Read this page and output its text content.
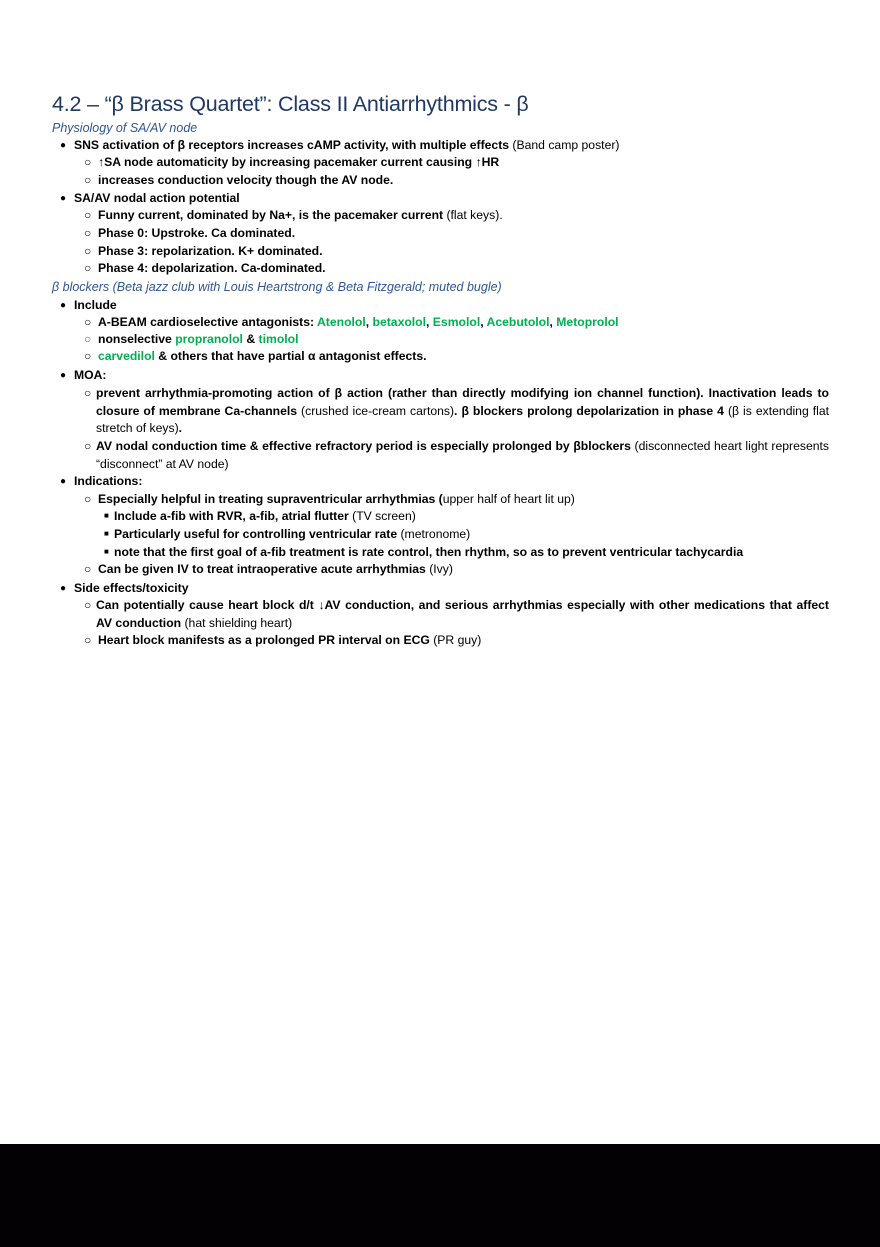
4.2 – “β Brass Quartet”: Class II Antiarrhythmics - β
Physiology of SA/AV node
● SNS activation of β receptors increases cAMP activity, with multiple effects (Band camp poster)
○ ↑SA node automaticity by increasing pacemaker current causing ↑HR
○ increases conduction velocity though the AV node.
● SA/AV nodal action potential
○ Funny current, dominated by Na+, is the pacemaker current (flat keys).
○ Phase 0: Upstroke. Ca dominated.
○ Phase 3: repolarization. K+ dominated.
○ Phase 4: depolarization. Ca-dominated.
β blockers (Beta jazz club with Louis Heartstrong & Beta Fitzgerald; muted bugle)
● Include
○ A-BEAM cardioselective antagonists: Atenolol, betaxolol, Esmolol, Acebutolol, Metoprolol
○ nonselective propranolol & timolol
○ carvedilol & others that have partial α antagonist effects.
● MOA:
○ prevent arrhythmia-promoting action of β action (rather than directly modifying ion channel function). Inactivation leads to closure of membrane Ca-channels (crushed ice-cream cartons). β blockers prolong depolarization in phase 4 (β is extending flat stretch of keys).
○ AV nodal conduction time & effective refractory period is especially prolonged by βblockers (disconnected heart light represents “disconnect” at AV node)
● Indications:
○ Especially helpful in treating supraventricular arrhythmias (upper half of heart lit up)
■ Include a-fib with RVR, a-fib, atrial flutter (TV screen)
■ Particularly useful for controlling ventricular rate (metronome)
■ note that the first goal of a-fib treatment is rate control, then rhythm, so as to prevent ventricular tachycardia
○ Can be given IV to treat intraoperative acute arrhythmias (Ivy)
● Side effects/toxicity
○ Can potentially cause heart block d/t ↓AV conduction, and serious arrhythmias especially with other medications that affect AV conduction (hat shielding heart)
○ Heart block manifests as a prolonged PR interval on ECG (PR guy)
